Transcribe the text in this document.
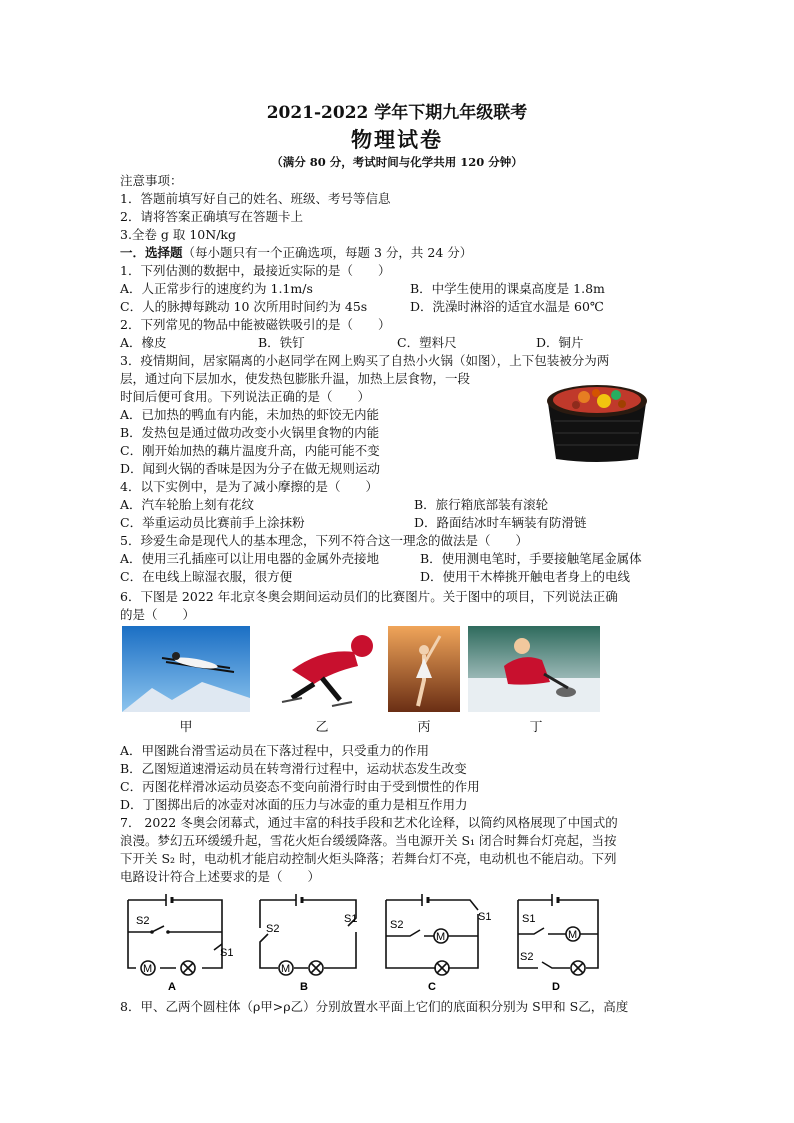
2021-2022 学年下期九年级联考
物理试卷
（满分 80 分，考试时间与化学共用 120 分钟）
注意事项：
1．答题前填写好自己的姓名、班级、考号等信息
2．请将答案正确填写在答题卡上
3.全卷 g 取 10N/kg
一．选择题（每小题只有一个正确选项，每题 3 分，共 24 分）
1．下列估测的数据中，最接近实际的是（　　）
A．人正常步行的速度约为 1.1m/s	B．中学生使用的课桌高度是 1.8m
C．人的脉搏每跳动 10 次所用时间约为 45s	D．洗澡时淋浴的适宜水温是 60℃
2．下列常见的物品中能被磁铁吸引的是（　　）
A．橡皮	B．铁钉	C．塑料尺	D．铜片
3．疫情期间，居家隔离的小赵同学在网上购买了自热小火锅（如图），上下包装被分为两
层，通过向下层加水，使发热包膨胀升温，加热上层食物，一段
时间后便可食用。下列说法正确的是（　　）
A．已加热的鸭血有内能，未加热的虾饺无内能
B．发热包是通过做功改变小火锅里食物的内能
C．刚开始加热的藕片温度升高，内能可能不变
D．闻到火锅的香味是因为分子在做无规则运动
4．以下实例中，是为了减小摩擦的是（　　）
A．汽车轮胎上刻有花纹	B．旅行箱底部装有滚轮
C．举重运动员比赛前手上涂抹粉	D．路面结冰时车辆装有防滑链
5．珍爱生命是现代人的基本理念，下列不符合这一理念的做法是（　　）
A．使用三孔插座可以让用电器的金属外壳接地	B．使用测电笔时，手要接触笔尾金属体
C．在电线上晾湿衣服，很方便	D．使用干木棒挑开触电者身上的电线
6．下图是 2022 年北京冬奥会期间运动员们的比赛图片。关于图中的项目，下列说法正确
的是（　　）
甲	乙	丙	丁
A．甲图跳台滑雪运动员在下落过程中，只受重力的作用
B．乙图短道速滑运动员在转弯滑行过程中，运动状态发生改变
C．丙图花样滑冰运动员姿态不变向前滑行时由于受到惯性的作用
D．丁图掷出后的冰壶对冰面的压力与冰壶的重力是相互作用力
7． 2022 冬奥会闭幕式，通过丰富的科技手段和艺术化诠释，以简约风格展现了中国式的
浪漫。梦幻五环缓缓升起，雪花火炬台缓缓降落。当电源开关 S₁ 闭合时舞台灯亮起，当按
下开关 S₂ 时，电动机才能启动控制火炬头降落；若舞台灯不亮，电动机也不能启动。下列
电路设计符合上述要求的是（　　）
M
S2
S1
A
M
S2
S1
B
M
S2
S1
C
M
S1
S2
D
8．甲、乙两个圆柱体（ρ甲>ρ乙）分别放置水平面上它们的底面积分别为 S甲和 S乙，高度
